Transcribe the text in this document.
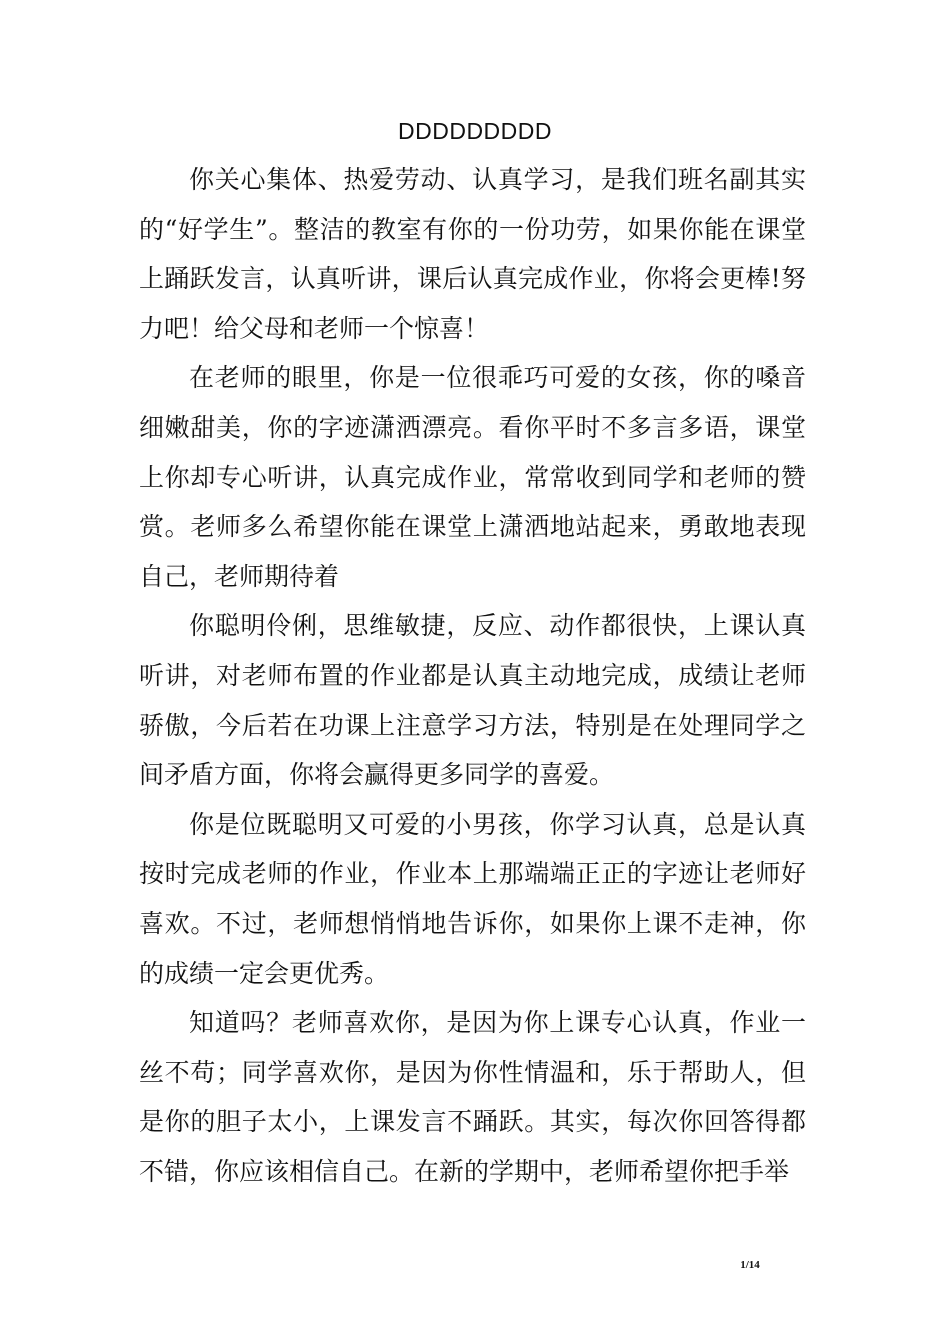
DDDDDDDDD

你关心集体、热爱劳动、认真学习，是我们班名副其实的“好学生”。整洁的教室有你的一份功劳，如果你能在课堂上踊跃发言，认真听讲，课后认真完成作业，你将会更棒!努力吧！给父母和老师一个惊喜！

在老师的眼里，你是一位很乖巧可爱的女孩，你的嗓音细嫩甜美，你的字迹潇洒漂亮。看你平时不多言多语，课堂上你却专心听讲，认真完成作业，常常收到同学和老师的赞赏。老师多么希望你能在课堂上潇洒地站起来，勇敢地表现自己，老师期待着

你聪明伶俐，思维敏捷，反应、动作都很快，上课认真听讲，对老师布置的作业都是认真主动地完成，成绩让老师骄傲，今后若在功课上注意学习方法，特别是在处理同学之间矛盾方面，你将会赢得更多同学的喜爱。

你是位既聪明又可爱的小男孩，你学习认真，总是认真按时完成老师的作业，作业本上那端端正正的字迹让老师好喜欢。不过，老师想悄悄地告诉你，如果你上课不走神，你的成绩一定会更优秀。

知道吗？老师喜欢你，是因为你上课专心认真，作业一丝不苟；同学喜欢你，是因为你性情温和，乐于帮助人，但是你的胆子太小，上课发言不踊跃。其实，每次你回答得都不错，你应该相信自己。在新的学期中，老师希望你把手举

1/14
